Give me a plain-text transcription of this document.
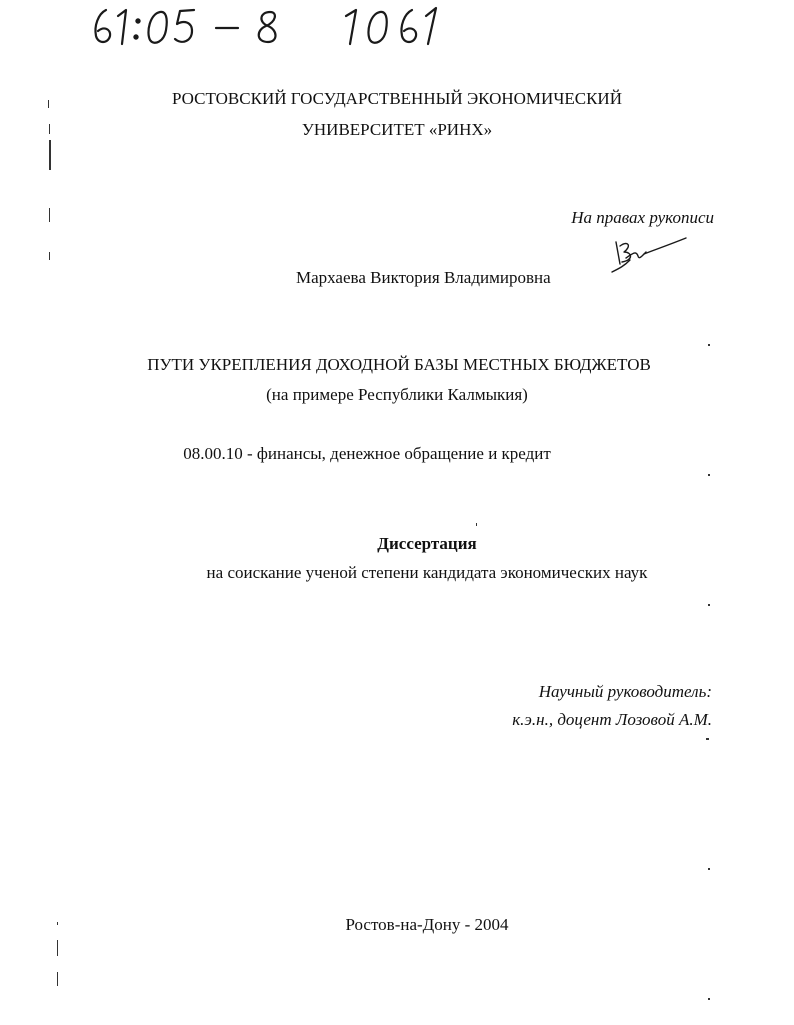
РОСТОВСКИЙ ГОСУДАРСТВЕННЫЙ ЭКОНОМИЧЕСКИЙ
УНИВЕРСИТЕТ «РИНХ»
На правах рукописи
Мархаева Виктория Владимировна
ПУТИ УКРЕПЛЕНИЯ ДОХОДНОЙ БАЗЫ МЕСТНЫХ БЮДЖЕТОВ
(на примере Республики Калмыкия)
08.00.10 - финансы, денежное обращение и кредит
Диссертация
на соискание ученой степени кандидата экономических наук
Научный руководитель:
к.э.н., доцент Лозовой А.М.
Ростов-на-Дону - 2004
